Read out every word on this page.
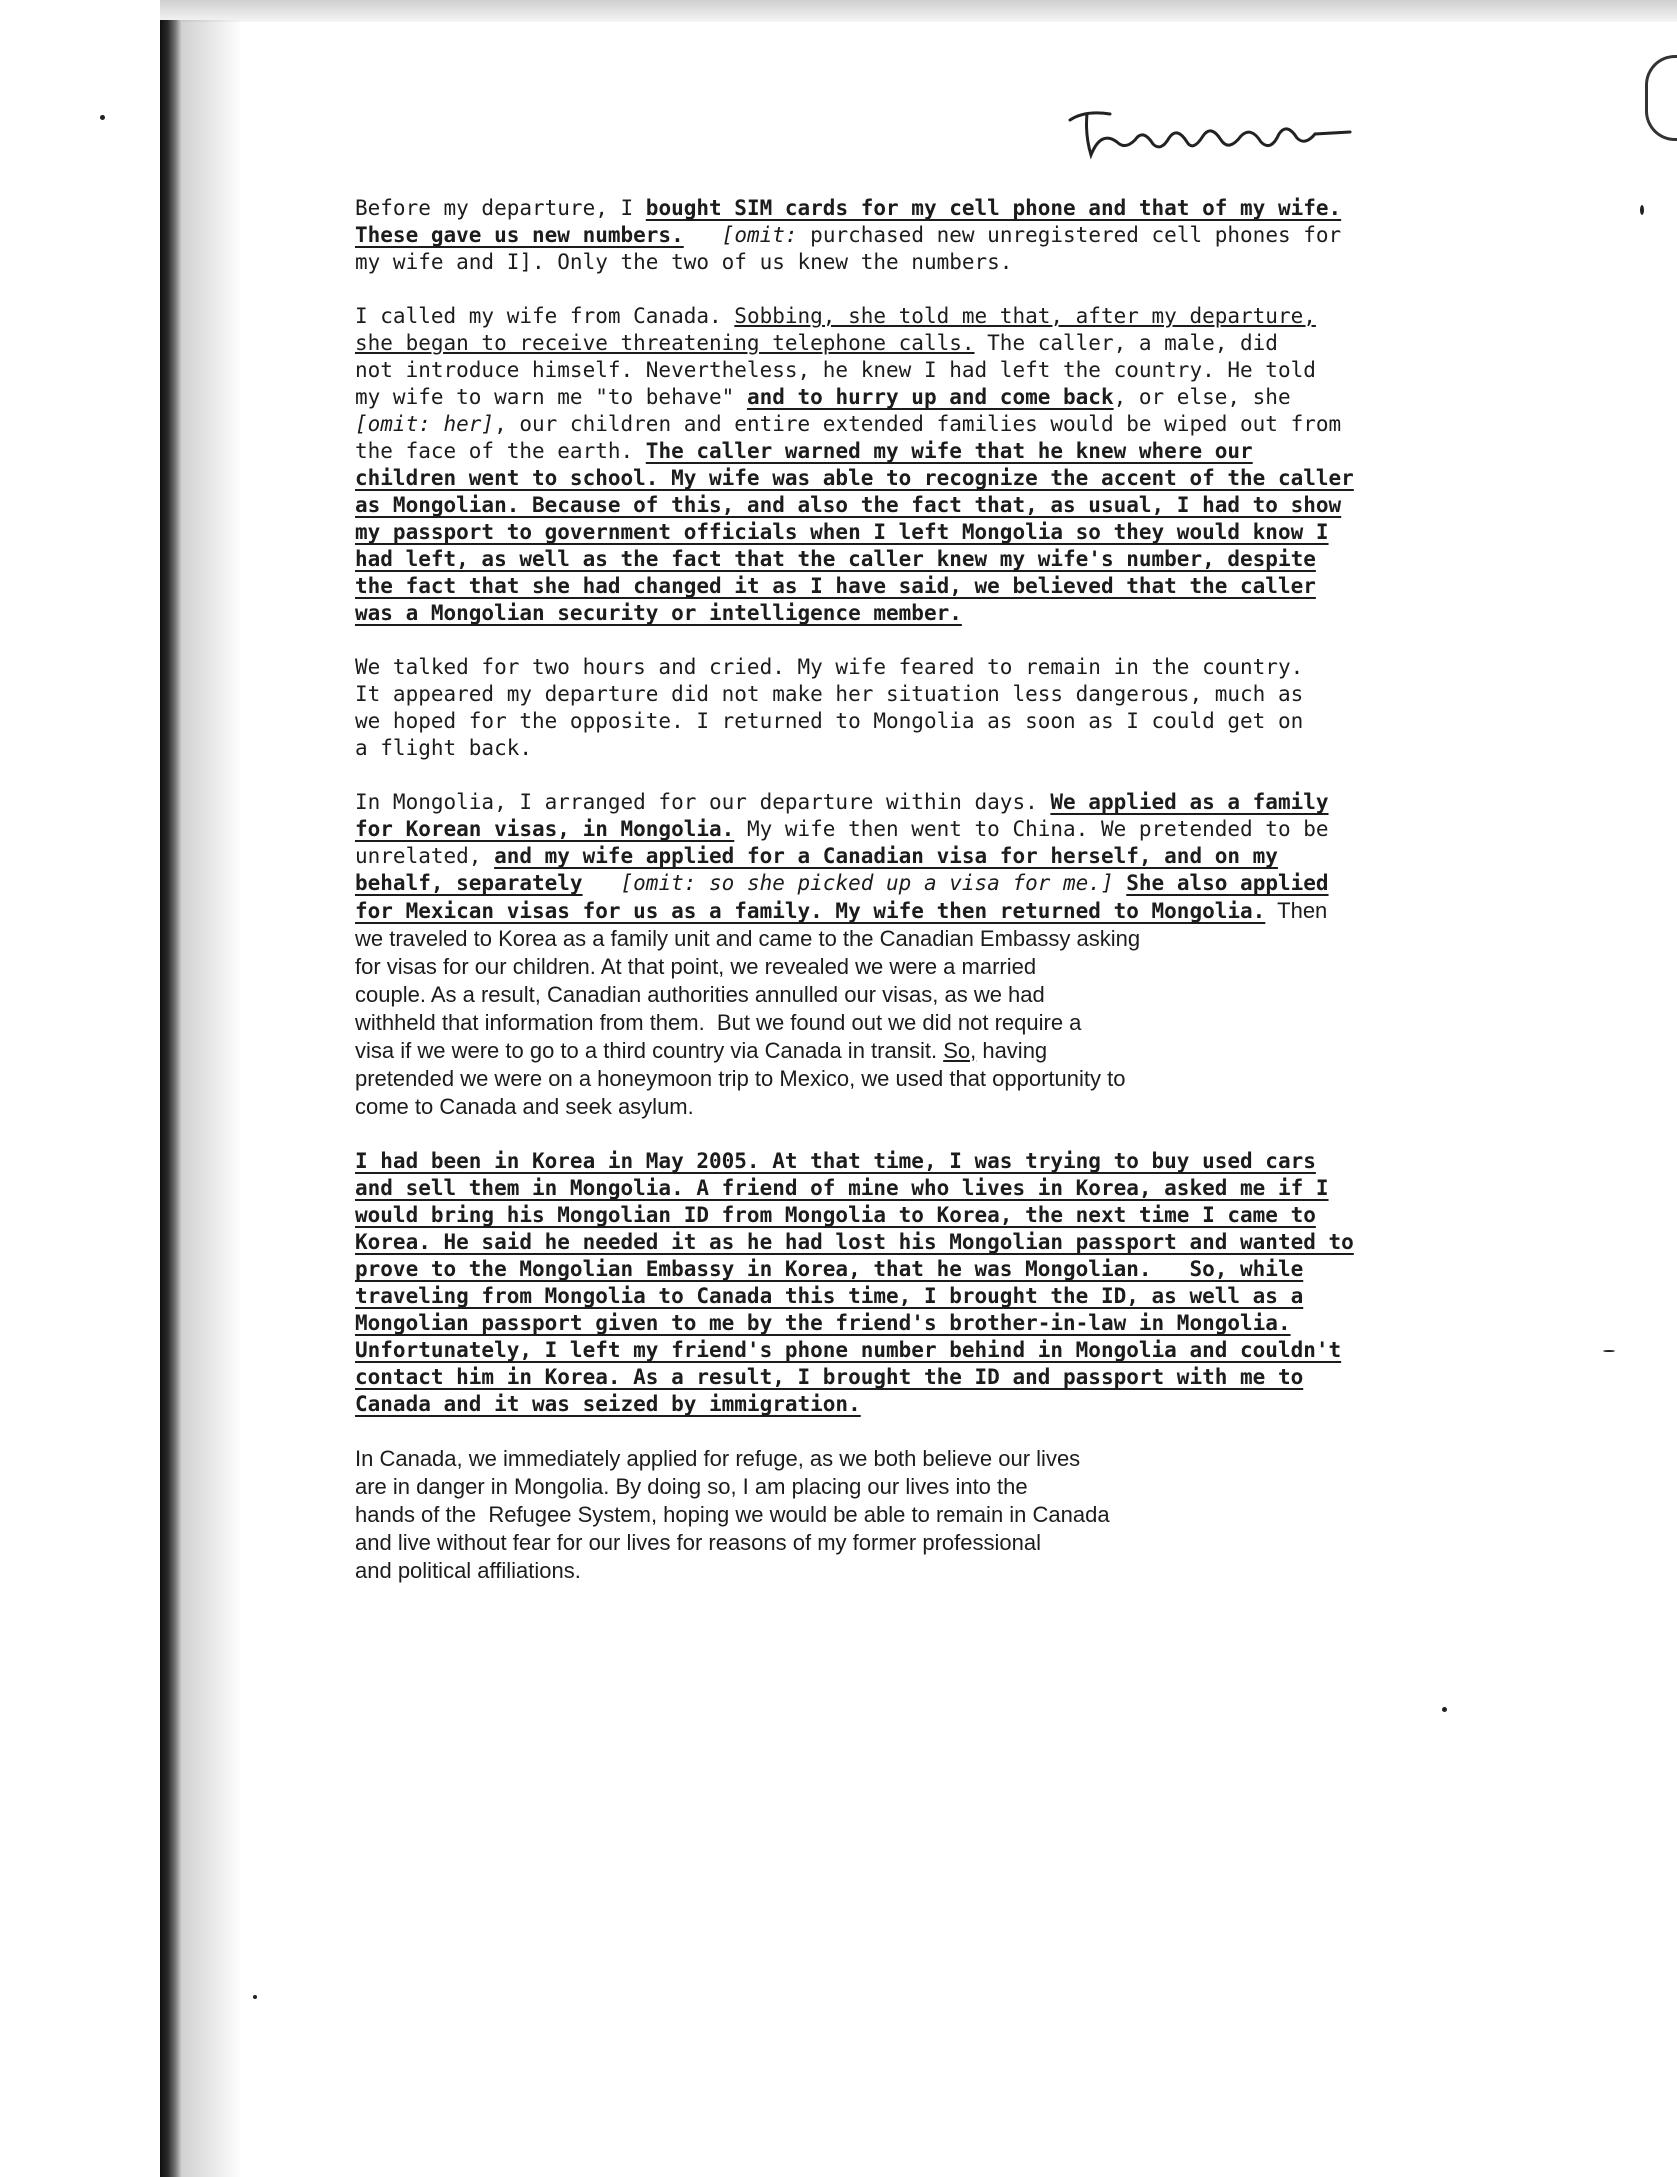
Before my departure, I bought SIM cards for my cell phone and that of my wife.

These gave us new numbers. [omit: purchased new unregistered cell phones for

my wife and I]. Only the two of us knew the numbers.

I called my wife from Canada. Sobbing, she told me that, after my departure,

she began to receive threatening telephone calls. The caller, a male, did

not introduce himself. Nevertheless, he knew I had left the country. He told

my wife to warn me "to behave" and to hurry up and come back, or else, she

[omit: her], our children and entire extended families would be wiped out from

the face of the earth. The caller warned my wife that he knew where our

children went to school. My wife was able to recognize the accent of the caller

as Mongolian. Because of this, and also the fact that, as usual, I had to show

my passport to government officials when I left Mongolia so they would know I

had left, as well as the fact that the caller knew my wife's number, despite

the fact that she had changed it as I have said, we believed that the caller

was a Mongolian security or intelligence member.

We talked for two hours and cried. My wife feared to remain in the country.

It appeared my departure did not make her situation less dangerous, much as

we hoped for the opposite. I returned to Mongolia as soon as I could get on

a flight back.

In Mongolia, I arranged for our departure within days. We applied as a family

for Korean visas, in Mongolia. My wife then went to China. We pretended to be

unrelated, and my wife applied for a Canadian visa for herself, and on my

behalf, separately [omit: so she picked up a visa for me.] She also applied

for Mexican visas for us as a family. My wife then returned to Mongolia.  Then

we traveled to Korea as a family unit and came to the Canadian Embassy asking

for visas for our children. At that point, we revealed we were a married

couple. As a result, Canadian authorities annulled our visas, as we had

withheld that information from them.  But we found out we did not require a

visa if we were to go to a third country via Canada in transit. So, having

pretended we were on a honeymoon trip to Mexico, we used that opportunity to

come to Canada and seek asylum.

I had been in Korea in May 2005. At that time, I was trying to buy used cars

and sell them in Mongolia. A friend of mine who lives in Korea, asked me if I

would bring his Mongolian ID from Mongolia to Korea, the next time I came to

Korea. He said he needed it as he had lost his Mongolian passport and wanted to

prove to the Mongolian Embassy in Korea, that he was Mongolian.   So, while

traveling from Mongolia to Canada this time, I brought the ID, as well as a

Mongolian passport given to me by the friend's brother-in-law in Mongolia.

Unfortunately, I left my friend's phone number behind in Mongolia and couldn't

contact him in Korea. As a result, I brought the ID and passport with me to

Canada and it was seized by immigration.

In Canada, we immediately applied for refuge, as we both believe our lives

are in danger in Mongolia. By doing so, I am placing our lives into the

hands of the  Refugee System, hoping we would be able to remain in Canada

and live without fear for our lives for reasons of my former professional

and political affiliations.
